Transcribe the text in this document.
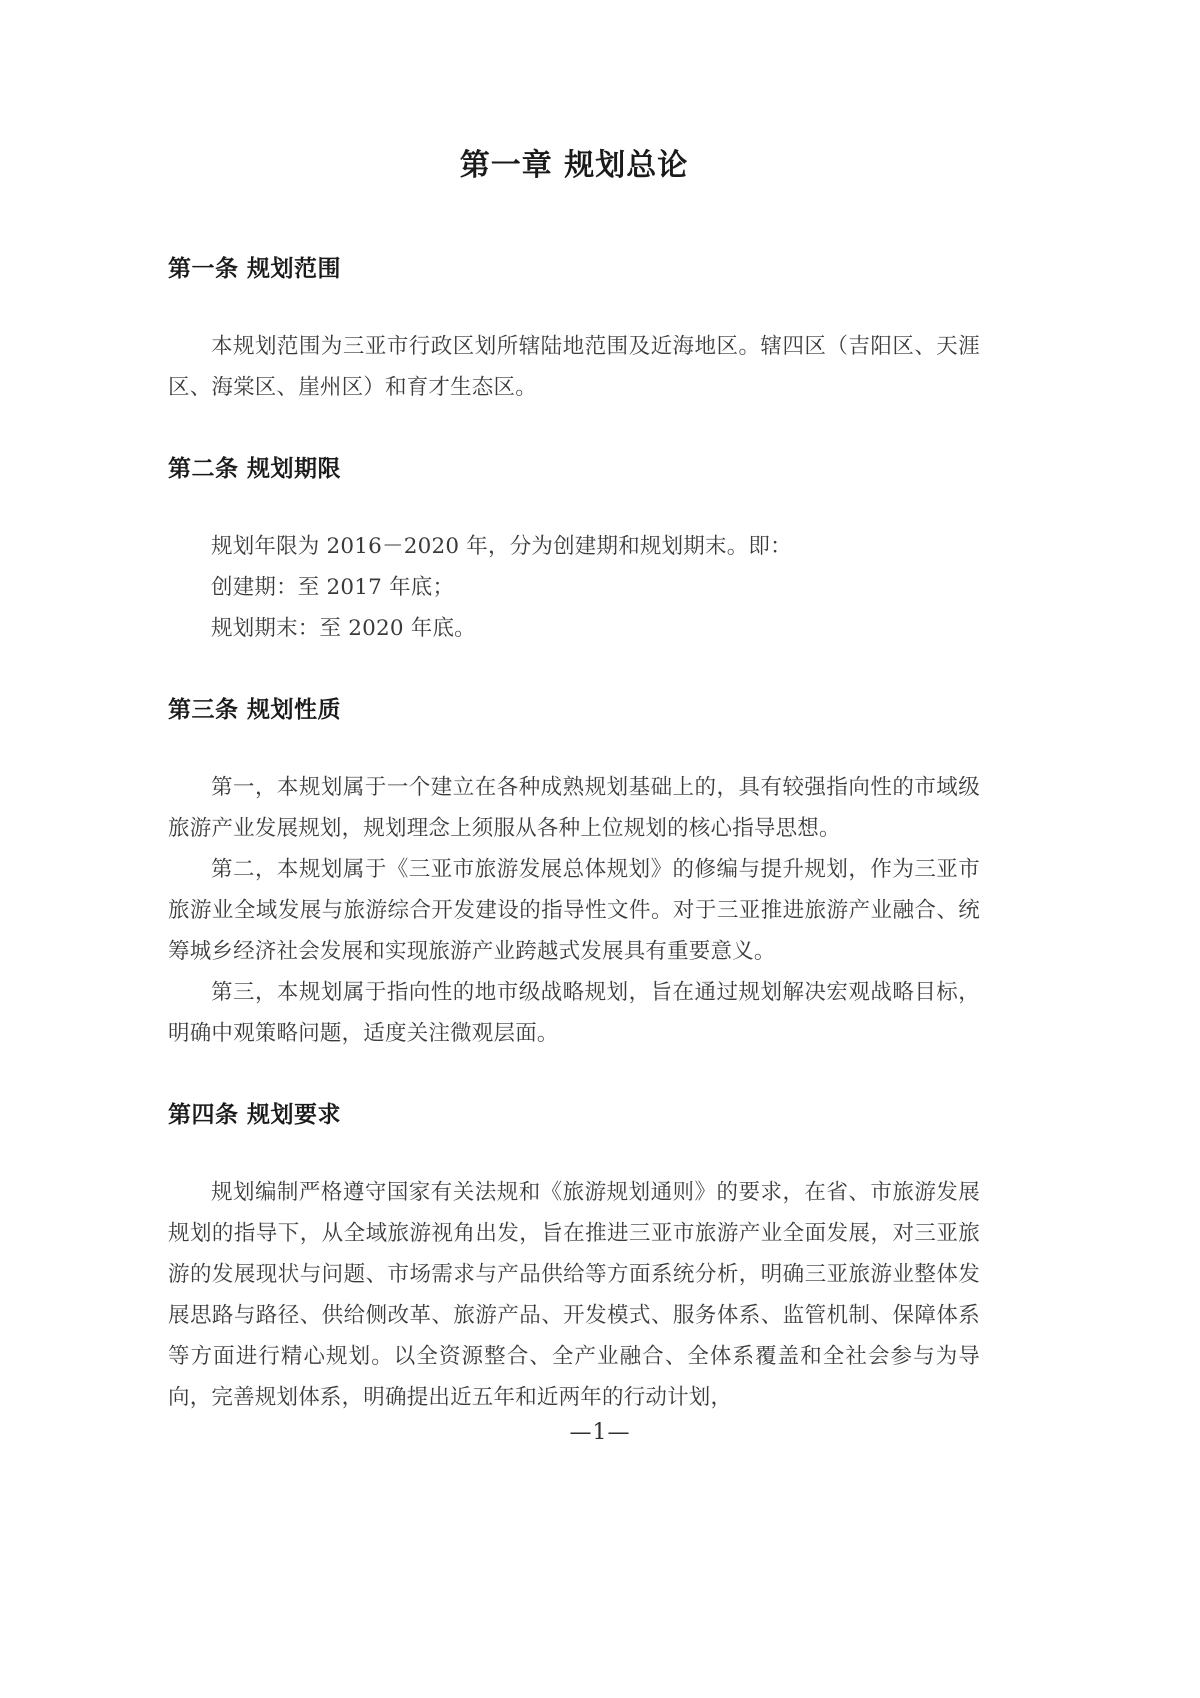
第一章 规划总论
第一条 规划范围

本规划范围为三亚市行政区划所辖陆地范围及近海地区。辖四区（吉阳区、天涯区、海棠区、崖州区）和育才生态区。

第二条 规划期限

规划年限为 2016－2020 年，分为创建期和规划期末。即：

创建期：至 2017 年底；

规划期末：至 2020 年底。

第三条 规划性质

第一，本规划属于一个建立在各种成熟规划基础上的，具有较强指向性的市域级旅游产业发展规划，规划理念上须服从各种上位规划的核心指导思想。

第二，本规划属于《三亚市旅游发展总体规划》的修编与提升规划，作为三亚市旅游业全域发展与旅游综合开发建设的指导性文件。对于三亚推进旅游产业融合、统筹城乡经济社会发展和实现旅游产业跨越式发展具有重要意义。

第三，本规划属于指向性的地市级战略规划，旨在通过规划解决宏观战略目标，明确中观策略问题，适度关注微观层面。

第四条 规划要求

规划编制严格遵守国家有关法规和《旅游规划通则》的要求，在省、市旅游发展规划的指导下，从全域旅游视角出发，旨在推进三亚市旅游产业全面发展，对三亚旅游的发展现状与问题、市场需求与产品供给等方面系统分析，明确三亚旅游业整体发展思路与路径、供给侧改革、旅游产品、开发模式、服务体系、监管机制、保障体系等方面进行精心规划。以全资源整合、全产业融合、全体系覆盖和全社会参与为导向，完善规划体系，明确提出近五年和近两年的行动计划，

—1—
